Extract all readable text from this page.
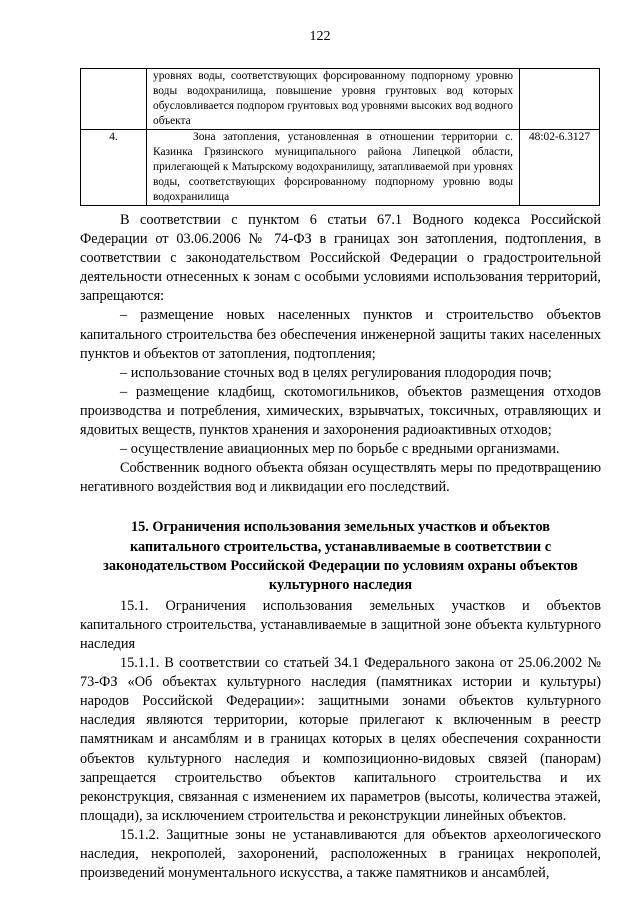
122
	уровнях воды, соответствующих форсированному подпорному уровню воды водохранилища, повышение уровня грунтовых вод которых обусловливается подпором грунтовых вод уровнями высоких вод водного объекта	
4.	Зона затопления, установленная в отношении территории с. Казинка Грязинского муниципального района Липецкой области, прилегающей к Матырскому водохранилищу, затапливаемой при уровнях воды, соответствующих форсированному подпорному уровню воды водохранилища	48:02-6.3127

В соответствии с пунктом 6 статьи 67.1 Водного кодекса Российской Федерации от 03.06.2006 № 74-ФЗ в границах зон затопления, подтопления, в соответствии с законодательством Российской Федерации о градостроительной деятельности отнесенных к зонам с особыми условиями использования территорий, запрещаются:

– размещение новых населенных пунктов и строительство объектов капитального строительства без обеспечения инженерной защиты таких населенных пунктов и объектов от затопления, подтопления;

– использование сточных вод в целях регулирования плодородия почв;

– размещение кладбищ, скотомогильников, объектов размещения отходов производства и потребления, химических, взрывчатых, токсичных, отравляющих и ядовитых веществ, пунктов хранения и захоронения радиоактивных отходов;

– осуществление авиационных мер по борьбе с вредными организмами.

Собственник водного объекта обязан осуществлять меры по предотвращению негативного воздействия вод и ликвидации его последствий.

15. Ограничения использования земельных участков и объектов капитального строительства, устанавливаемые в соответствии с законодательством Российской Федерации по условиям охраны объектов культурного наследия

15.1. Ограничения использования земельных участков и объектов капитального строительства, устанавливаемые в защитной зоне объекта культурного наследия

15.1.1. В соответствии со статьей 34.1 Федерального закона от 25.06.2002 № 73-ФЗ «Об объектах культурного наследия (памятниках истории и культуры) народов Российской Федерации»: защитными зонами объектов культурного наследия являются территории, которые прилегают к включенным в реестр памятникам и ансамблям и в границах которых в целях обеспечения сохранности объектов культурного наследия и композиционно-видовых связей (панорам) запрещается строительство объектов капитального строительства и их реконструкция, связанная с изменением их параметров (высоты, количества этажей, площади), за исключением строительства и реконструкции линейных объектов.

15.1.2. Защитные зоны не устанавливаются для объектов археологического наследия, некрополей, захоронений, расположенных в границах некрополей, произведений монументального искусства, а также памятников и ансамблей,
